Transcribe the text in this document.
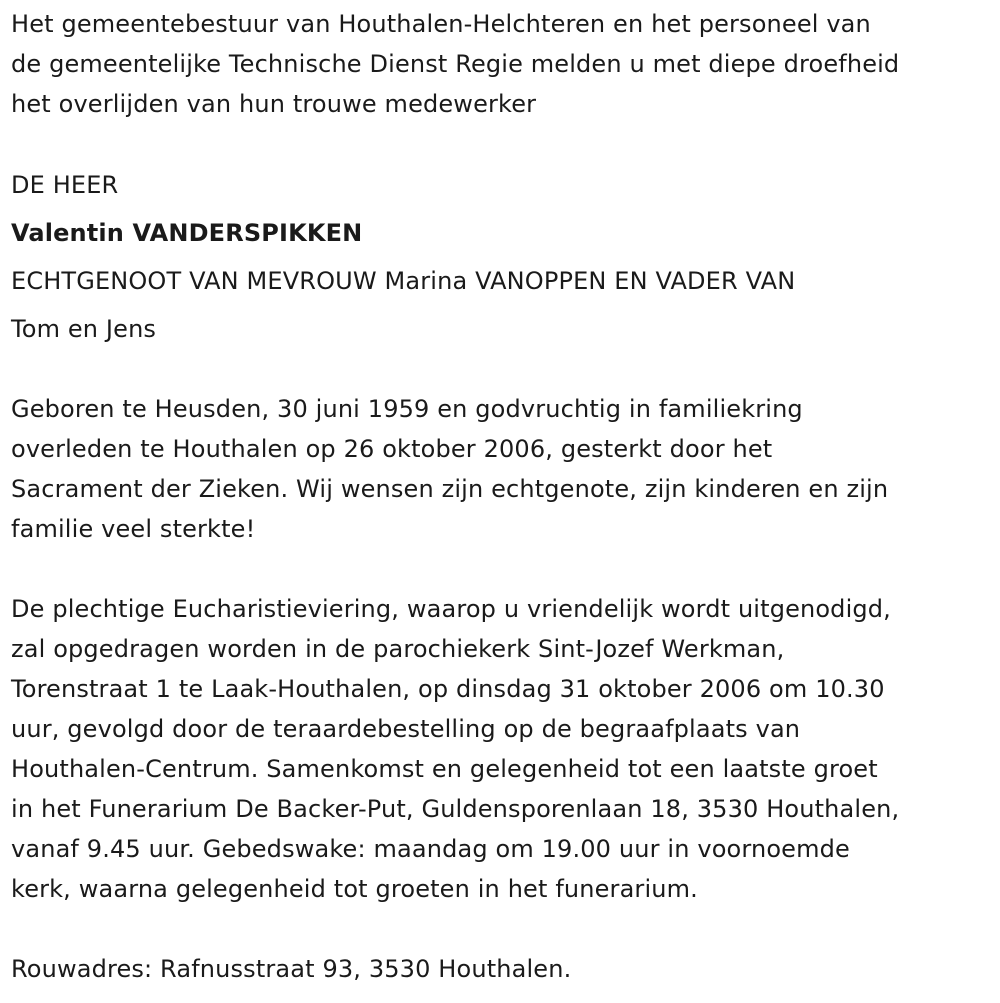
Het gemeentebestuur van Houthalen-Helchteren en het personeel van
de gemeentelijke Technische Dienst Regie melden u met diepe droefheid
het overlijden van hun trouwe medewerker
DE HEER
Valentin VANDERSPIKKEN
ECHTGENOOT VAN MEVROUW Marina VANOPPEN EN VADER VAN
Tom en Jens
Geboren te Heusden, 30 juni 1959 en godvruchtig in familiekring
overleden te Houthalen op 26 oktober 2006, gesterkt door het
Sacrament der Zieken. Wij wensen zijn echtgenote, zijn kinderen en zijn
familie veel sterkte!
De plechtige Eucharistieviering, waarop u vriendelijk wordt uitgenodigd,
zal opgedragen worden in de parochiekerk Sint-Jozef Werkman,
Torenstraat 1 te Laak-Houthalen, op dinsdag 31 oktober 2006 om 10.30
uur, gevolgd door de teraardebestelling op de begraafplaats van
Houthalen-Centrum. Samenkomst en gelegenheid tot een laatste groet
in het Funerarium De Backer-Put, Guldensporenlaan 18, 3530 Houthalen,
vanaf 9.45 uur. Gebedswake: maandag om 19.00 uur in voornoemde
kerk, waarna gelegenheid tot groeten in het funerarium.
Rouwadres: Rafnusstraat 93, 3530 Houthalen.
